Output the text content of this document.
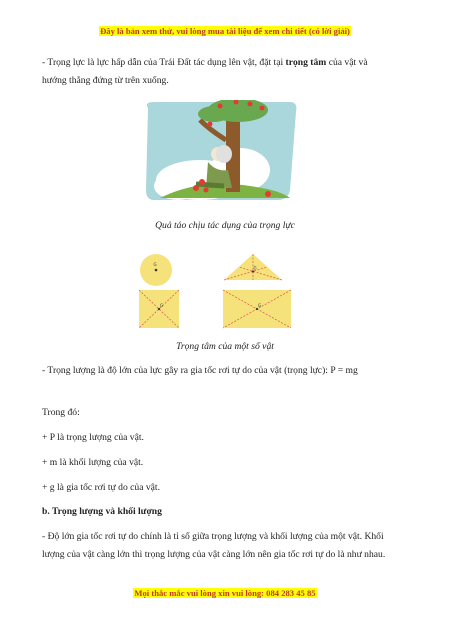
Đây là bản xem thử, vui lòng mua tài liệu để xem chi tiết (có lời giải)

- Trọng lực là lực hấp dẫn của Trái Đất tác dụng lên vật, đặt tại trọng tâm của vật và hướng thẳng đứng từ trên xuống.

Quả táo chịu tác dụng của trọng lực
G
G
G	G
Trọng tâm của một số vật

- Trọng lượng là độ lớn của lực gây ra gia tốc rơi tự do của vật (trọng lực): P = mg

Trong đó:

+ P là trọng lượng của vật.

+ m là khối lượng của vật.

+ g là gia tốc rơi tự do của vật.

b. Trọng lượng và khối lượng

- Độ lớn gia tốc rơi tự do chính là tỉ số giữa trọng lượng và khối lượng của một vật. Khối lượng của vật càng lớn thì trọng lượng của vật càng lớn nên gia tốc rơi tự do là như nhau.

Mọi thắc mắc vui lòng xin vui lòng: 084 283 45 85
